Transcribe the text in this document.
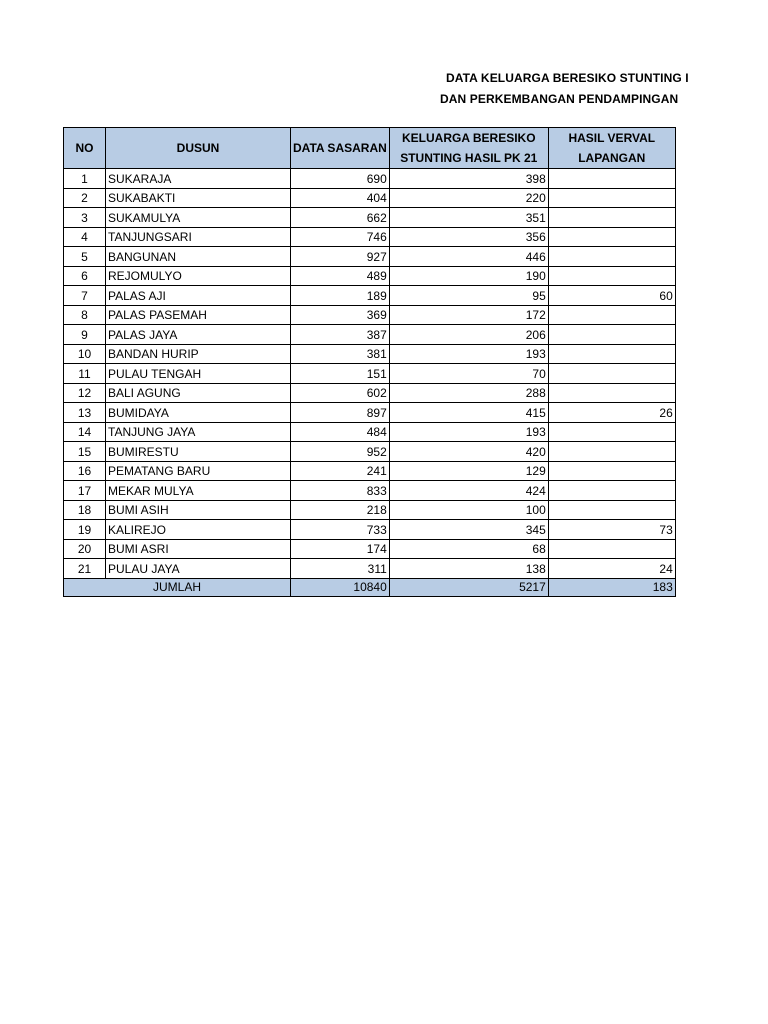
DATA KELUARGA BERESIKO STUNTING I
DAN PERKEMBANGAN PENDAMPINGAN
NO	DUSUN	DATA SASARAN	KELUARGA BERESIKO STUNTING HASIL PK 21	HASIL VERVAL LAPANGAN
1	SUKARAJA	690	398	
2	SUKABAKTI	404	220	
3	SUKAMULYA	662	351	
4	TANJUNGSARI	746	356	
5	BANGUNAN	927	446	
6	REJOMULYO	489	190	
7	PALAS AJI	189	95	60
8	PALAS PASEMAH	369	172	
9	PALAS JAYA	387	206	
10	BANDAN HURIP	381	193	
11	PULAU TENGAH	151	70	
12	BALI AGUNG	602	288	
13	BUMIDAYA	897	415	26
14	TANJUNG JAYA	484	193	
15	BUMIRESTU	952	420	
16	PEMATANG BARU	241	129	
17	MEKAR MULYA	833	424	
18	BUMI ASIH	218	100	
19	KALIREJO	733	345	73
20	BUMI ASRI	174	68	
21	PULAU JAYA	311	138	24
JUMLAH		10840	5217	183
